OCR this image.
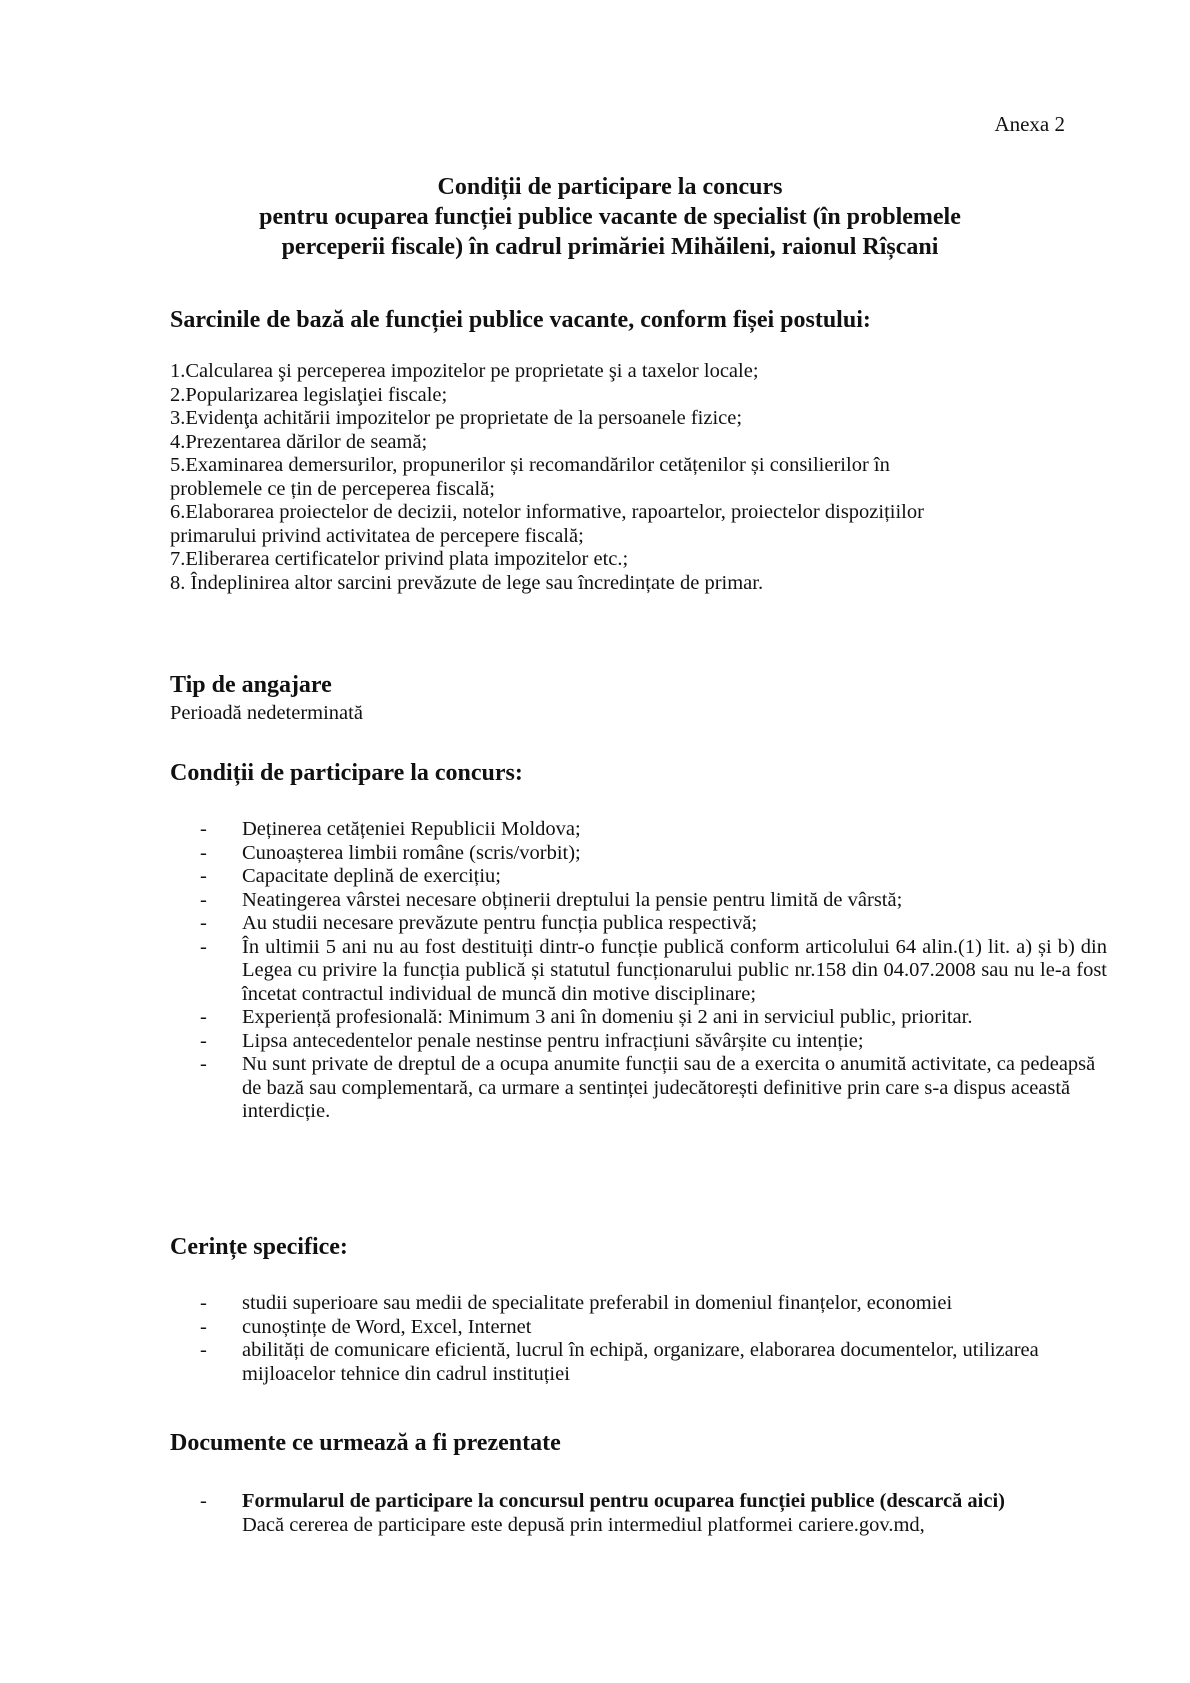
Anexa 2
Condiții de participare la concurs
pentru ocuparea funcției publice vacante de specialist (în problemele
perceperii fiscale) în cadrul primăriei Mihăileni, raionul Rîșcani
Sarcinile de bază ale funcției publice vacante, conform fișei postului:
1.Calcularea şi perceperea impozitelor pe proprietate şi a taxelor locale;
2.Popularizarea legislaţiei fiscale;
3.Evidenţa achitării impozitelor pe proprietate de la persoanele fizice;
4.Prezentarea dărilor de seamă;
5.Examinarea demersurilor, propunerilor și recomandărilor cetățenilor și consilierilor în
problemele ce țin de perceperea fiscală;
6.Elaborarea proiectelor de decizii, notelor informative, rapoartelor, proiectelor dispozițiilor
primarului privind activitatea de percepere fiscală;
7.Eliberarea certificatelor privind plata impozitelor etc.;
8. Îndeplinirea altor sarcini prevăzute de lege sau încredințate de primar.
Tip de angajare
Perioadă nedeterminată
Condiții de participare la concurs:
- Deținerea cetățeniei Republicii Moldova;
- Cunoașterea limbii române (scris/vorbit);
- Capacitate deplină de exercițiu;
- Neatingerea vârstei necesare obținerii dreptului la pensie pentru limită de vârstă;
- Au studii necesare prevăzute pentru funcția publica respectivă;
- În ultimii 5 ani nu au fost destituiți dintr-o funcție publică conform articolului 64 alin.(1) lit. a) și b) din Legea cu privire la funcția publică și statutul funcționarului public nr.158 din 04.07.2008 sau nu le-a fost încetat contractul individual de muncă din motive disciplinare;
- Experiență profesională: Minimum 3 ani în domeniu și 2 ani in serviciul public, prioritar.
- Lipsa antecedentelor penale nestinse pentru infracțiuni săvârșite cu intenție;
- Nu sunt private de dreptul de a ocupa anumite funcții sau de a exercita o anumită activitate, ca pedeapsă de bază sau complementară, ca urmare a sentinței judecătorești definitive prin care s-a dispus această interdicție.
Cerințe specifice:
- studii superioare sau medii de specialitate preferabil in domeniul finanțelor, economiei
- cunoștințe de Word, Excel, Internet
- abilități de comunicare eficientă, lucrul în echipă, organizare, elaborarea documentelor, utilizarea mijloacelor tehnice din cadrul instituției
Documente ce urmează a fi prezentate
- Formularul de participare la concursul pentru ocuparea funcției publice (descarcă aici)
Dacă cererea de participare este depusă prin intermediul platformei cariere.gov.md,
